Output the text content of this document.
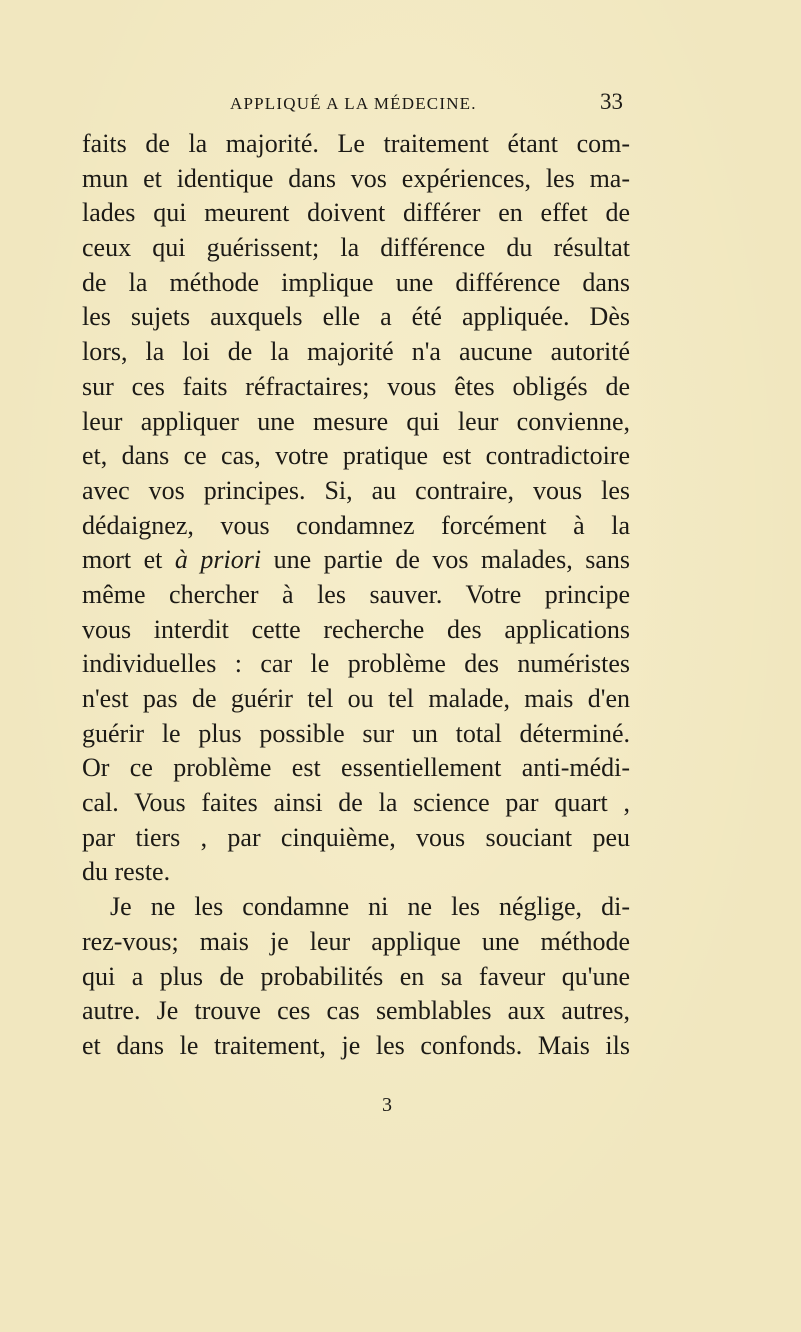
APPLIQUÉ A LA MÉDECINE.	33
faits de la majorité. Le traitement étant com-
mun et identique dans vos expériences, les ma-
lades qui meurent doivent différer en effet de
ceux qui guérissent; la différence du résultat
de la méthode implique une différence dans
les sujets auxquels elle a été appliquée. Dès
lors, la loi de la majorité n'a aucune autorité
sur ces faits réfractaires; vous êtes obligés de
leur appliquer une mesure qui leur convienne,
et, dans ce cas, votre pratique est contradictoire
avec vos principes. Si, au contraire, vous les
dédaignez, vous condamnez forcément à la
mort et à priori une partie de vos malades, sans
même chercher à les sauver. Votre principe
vous interdit cette recherche des applications
individuelles : car le problème des numéristes
n'est pas de guérir tel ou tel malade, mais d'en
guérir le plus possible sur un total déterminé.
Or ce problème est essentiellement anti-médi-
cal. Vous faites ainsi de la science par quart ,
par tiers , par cinquième, vous souciant peu
du reste.
Je ne les condamne ni ne les néglige, di-
rez-vous; mais je leur applique une méthode
qui a plus de probabilités en sa faveur qu'une
autre. Je trouve ces cas semblables aux autres,
et dans le traitement, je les confonds. Mais ils
3
